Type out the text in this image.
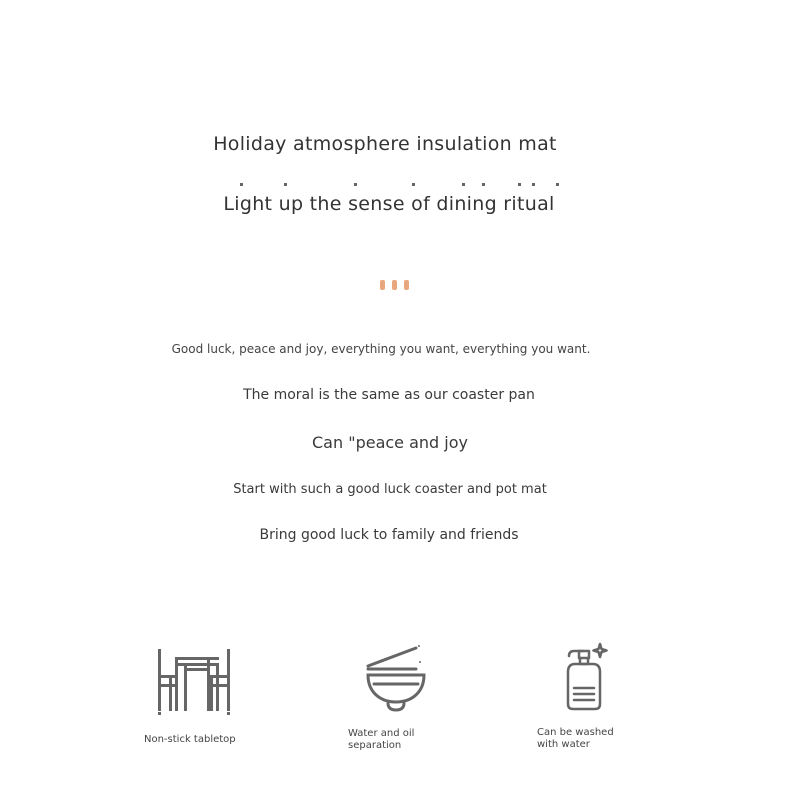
Holiday atmosphere insulation mat
Light up the sense of dining ritual
Good luck, peace and joy, everything you want, everything you want.
The moral is the same as our coaster pan
Can "peace and joy
Start with such a good luck coaster and pot mat
Bring good luck to family and friends
Non-stick tabletop
Water and oil
separation
Can be washed
with water
